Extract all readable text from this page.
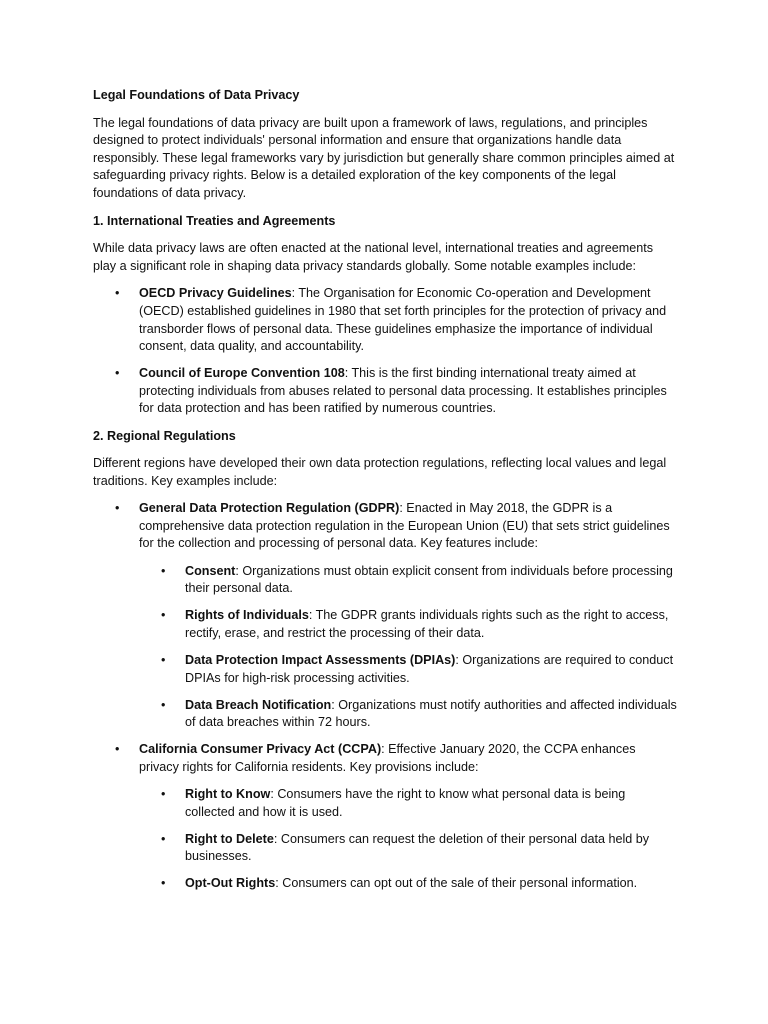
Legal Foundations of Data Privacy

The legal foundations of data privacy are built upon a framework of laws, regulations, and principles designed to protect individuals' personal information and ensure that organizations handle data responsibly. These legal frameworks vary by jurisdiction but generally share common principles aimed at safeguarding privacy rights. Below is a detailed exploration of the key components of the legal foundations of data privacy.

1. International Treaties and Agreements

While data privacy laws are often enacted at the national level, international treaties and agreements play a significant role in shaping data privacy standards globally. Some notable examples include:

• OECD Privacy Guidelines: The Organisation for Economic Co-operation and Development (OECD) established guidelines in 1980 that set forth principles for the protection of privacy and transborder flows of personal data. These guidelines emphasize the importance of individual consent, data quality, and accountability.
• Council of Europe Convention 108: This is the first binding international treaty aimed at protecting individuals from abuses related to personal data processing. It establishes principles for data protection and has been ratified by numerous countries.
2. Regional Regulations

Different regions have developed their own data protection regulations, reflecting local values and legal traditions. Key examples include:

• General Data Protection Regulation (GDPR): Enacted in May 2018, the GDPR is a comprehensive data protection regulation in the European Union (EU) that sets strict guidelines for the collection and processing of personal data. Key features include:
• Consent: Organizations must obtain explicit consent from individuals before processing their personal data.
• Rights of Individuals: The GDPR grants individuals rights such as the right to access, rectify, erase, and restrict the processing of their data.
• Data Protection Impact Assessments (DPIAs): Organizations are required to conduct DPIAs for high-risk processing activities.
• Data Breach Notification: Organizations must notify authorities and affected individuals of data breaches within 72 hours.
• California Consumer Privacy Act (CCPA): Effective January 2020, the CCPA enhances privacy rights for California residents. Key provisions include:
• Right to Know: Consumers have the right to know what personal data is being collected and how it is used.
• Right to Delete: Consumers can request the deletion of their personal data held by businesses.
• Opt-Out Rights: Consumers can opt out of the sale of their personal information.
